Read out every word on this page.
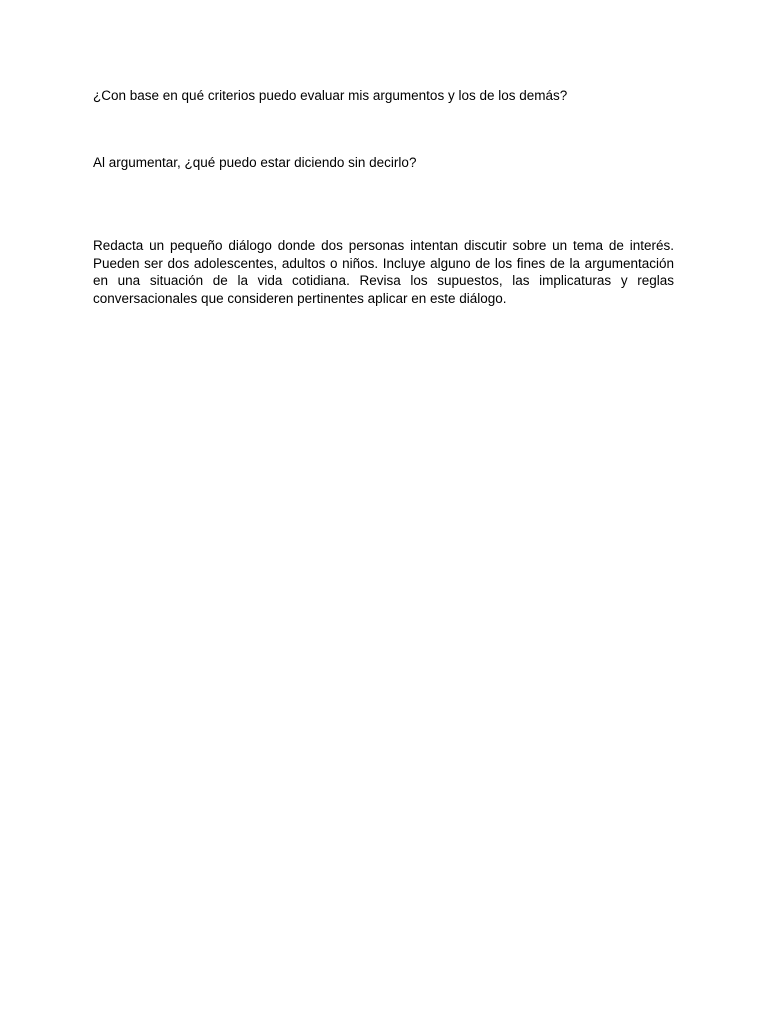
¿Con base en qué criterios puedo evaluar mis argumentos y los de los demás?

Al argumentar, ¿qué puedo estar diciendo sin decirlo?

Redacta un pequeño diálogo donde dos personas intentan discutir sobre un tema de interés. Pueden ser dos adolescentes, adultos o niños. Incluye alguno de los fines de la argumentación en una situación de la vida cotidiana. Revisa los supuestos, las implicaturas y reglas conversacionales que consideren pertinentes aplicar en este diálogo.
